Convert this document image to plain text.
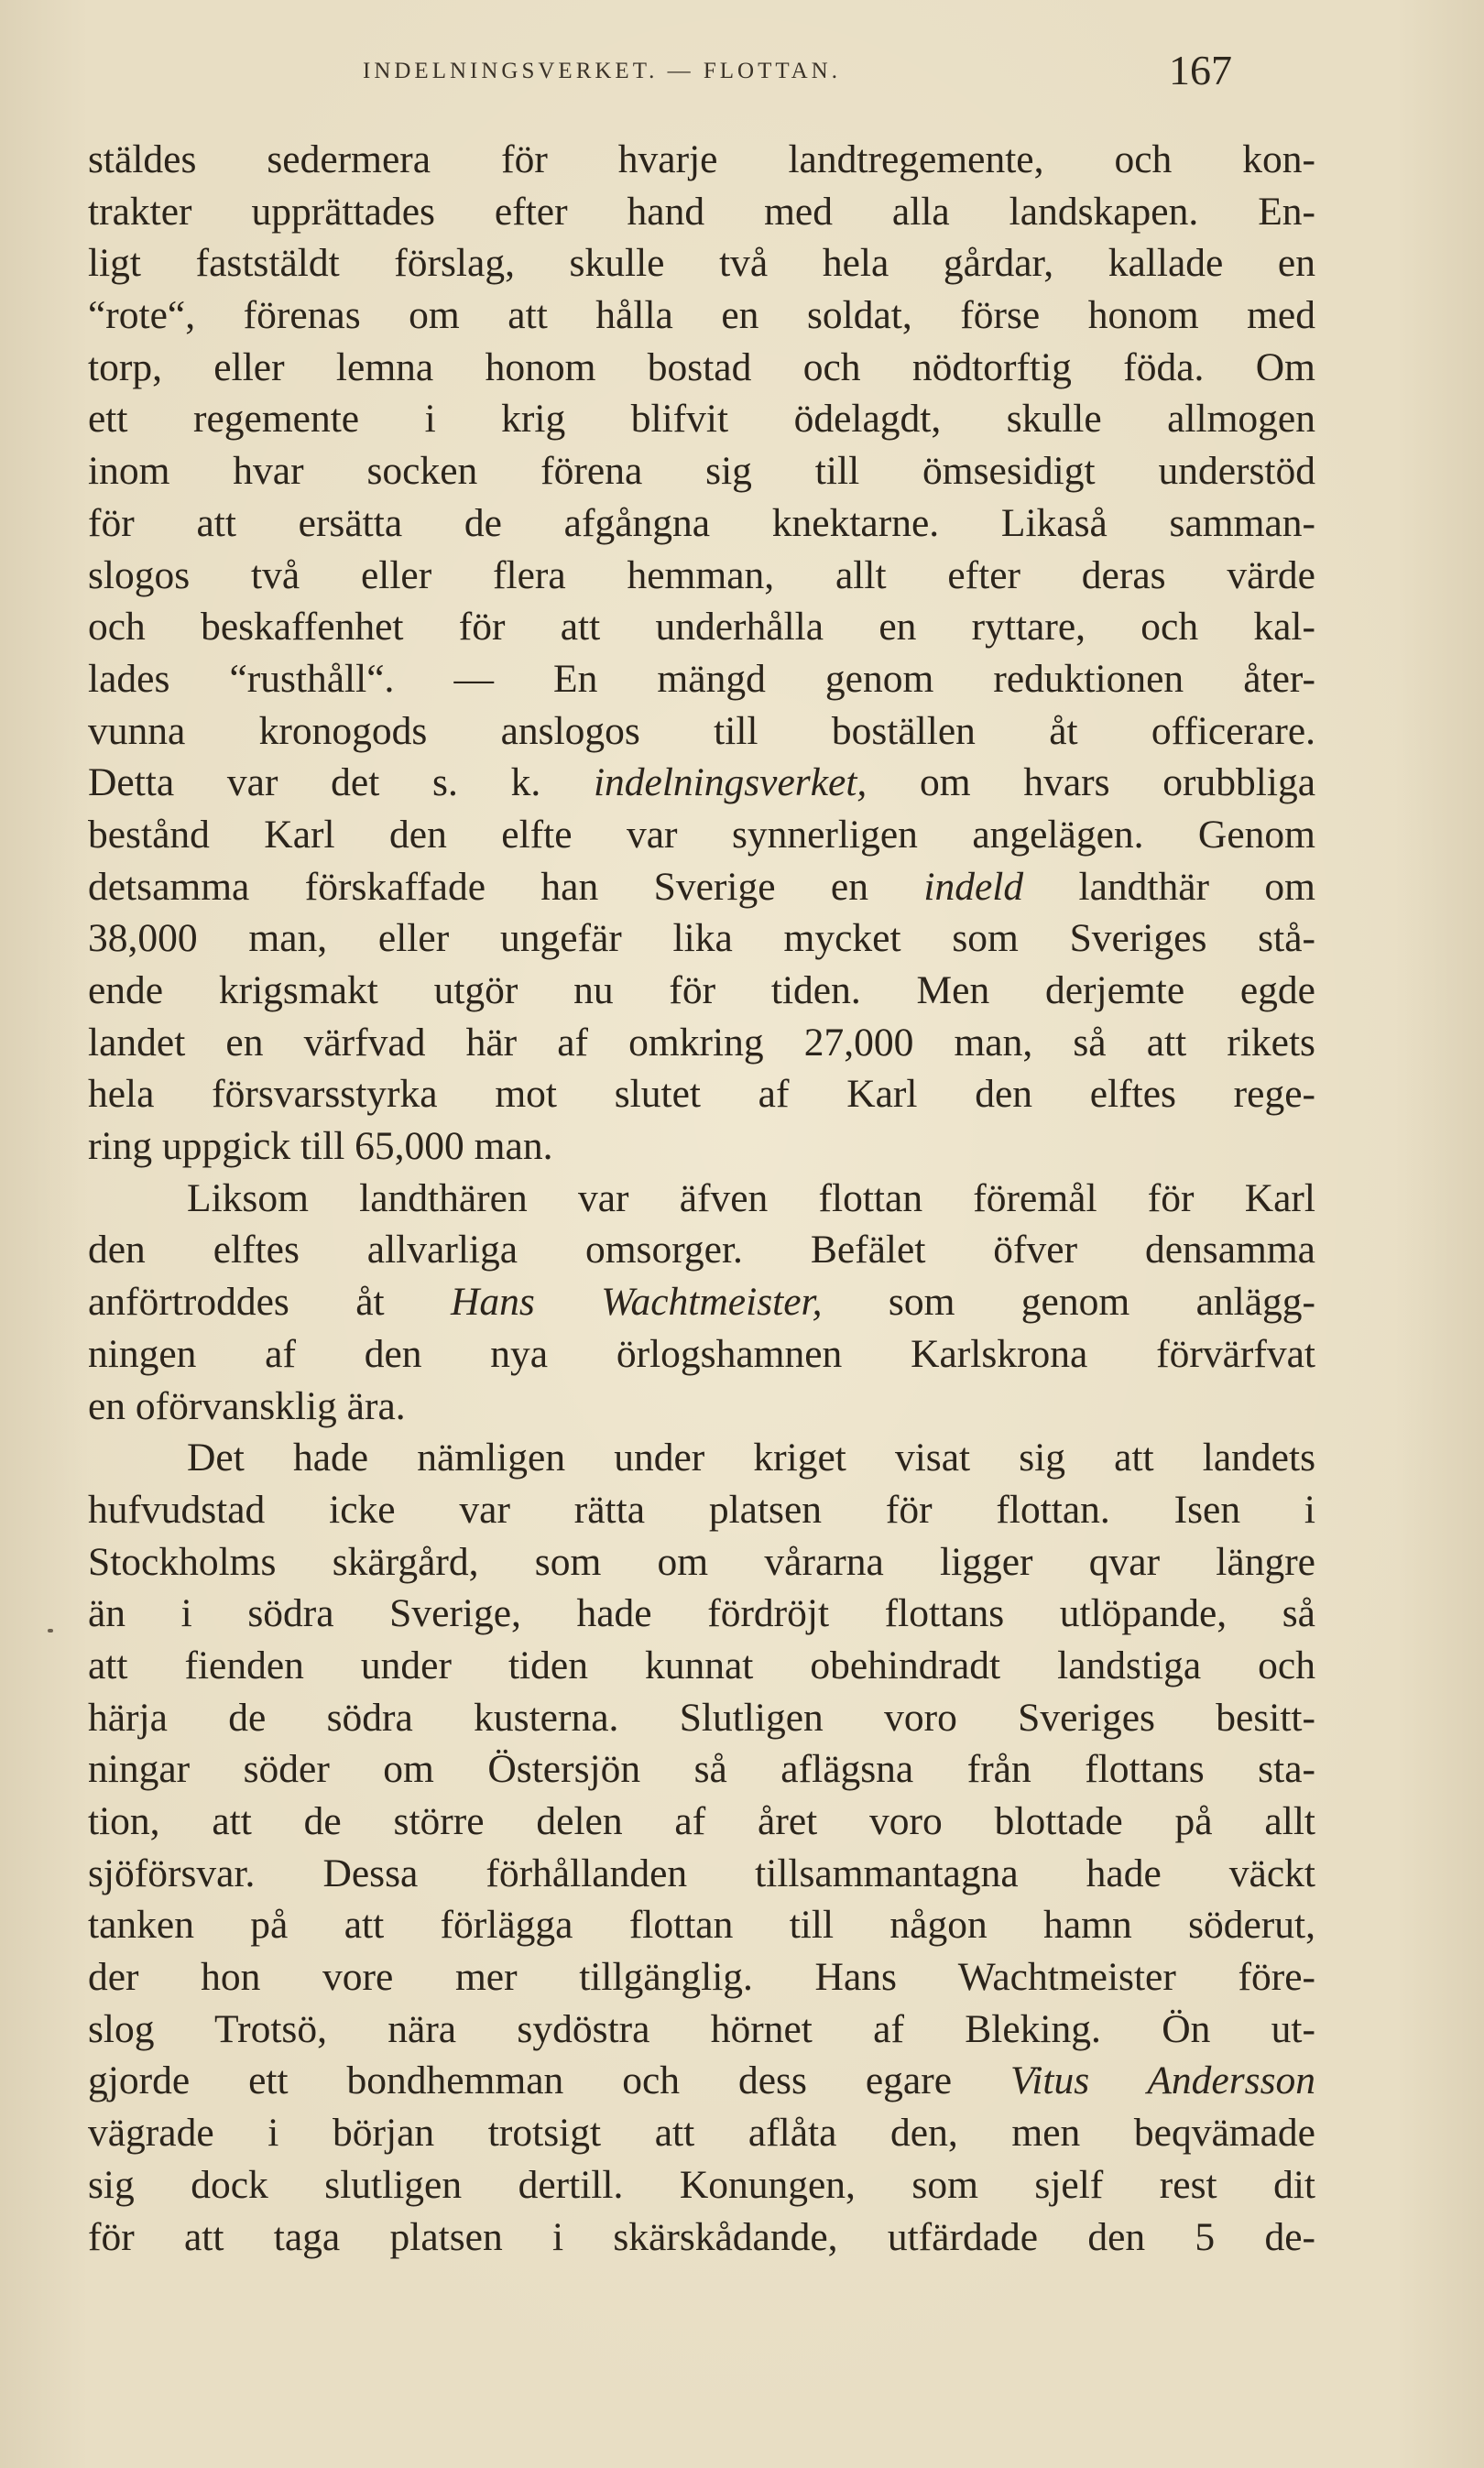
INDELNINGSVERKET. — FLOTTAN.	167
stäldes sedermera för hvarje landtregemente, och kon-
trakter upprättades efter hand med alla landskapen. En-
ligt faststäldt förslag, skulle två hela gårdar, kallade en
“rote“, förenas om att hålla en soldat, förse honom med
torp, eller lemna honom bostad och nödtorftig föda. Om
ett regemente i krig blifvit ödelagdt, skulle allmogen
inom hvar socken förena sig till ömsesidigt understöd
för att ersätta de afgångna knektarne. Likaså samman-
slogos två eller flera hemman, allt efter deras värde
och beskaffenhet för att underhålla en ryttare, och kal-
lades “rusthåll“. — En mängd genom reduktionen åter-
vunna kronogods anslogos till boställen åt officerare.
Detta var det s. k. indelningsverket, om hvars orubbliga
bestånd Karl den elfte var synnerligen angelägen. Genom
detsamma förskaffade han Sverige en indeld landthär om
38,000 man, eller ungefär lika mycket som Sveriges stå-
ende krigsmakt utgör nu för tiden. Men derjemte egde
landet en värfvad här af omkring 27,000 man, så att rikets
hela försvarsstyrka mot slutet af Karl den elftes rege-
ring uppgick till 65,000 man.
Liksom landthären var äfven flottan föremål för Karl
den elftes allvarliga omsorger. Befälet öfver densamma
anförtroddes åt Hans Wachtmeister, som genom anlägg-
ningen af den nya örlogshamnen Karlskrona förvärfvat
en oförvansklig ära.
Det hade nämligen under kriget visat sig att landets
hufvudstad icke var rätta platsen för flottan. Isen i
Stockholms skärgård, som om vårarna ligger qvar längre
än i södra Sverige, hade fördröjt flottans utlöpande, så
att fienden under tiden kunnat obehindradt landstiga och
härja de södra kusterna. Slutligen voro Sveriges besitt-
ningar söder om Östersjön så aflägsna från flottans sta-
tion, att de större delen af året voro blottade på allt
sjöförsvar. Dessa förhållanden tillsammantagna hade väckt
tanken på att förlägga flottan till någon hamn söderut,
der hon vore mer tillgänglig. Hans Wachtmeister före-
slog Trotsö, nära sydöstra hörnet af Bleking. Ön ut-
gjorde ett bondhemman och dess egare Vitus Andersson
vägrade i början trotsigt att aflåta den, men beqvämade
sig dock slutligen dertill. Konungen, som sjelf rest dit
för att taga platsen i skärskådande, utfärdade den 5 de-
